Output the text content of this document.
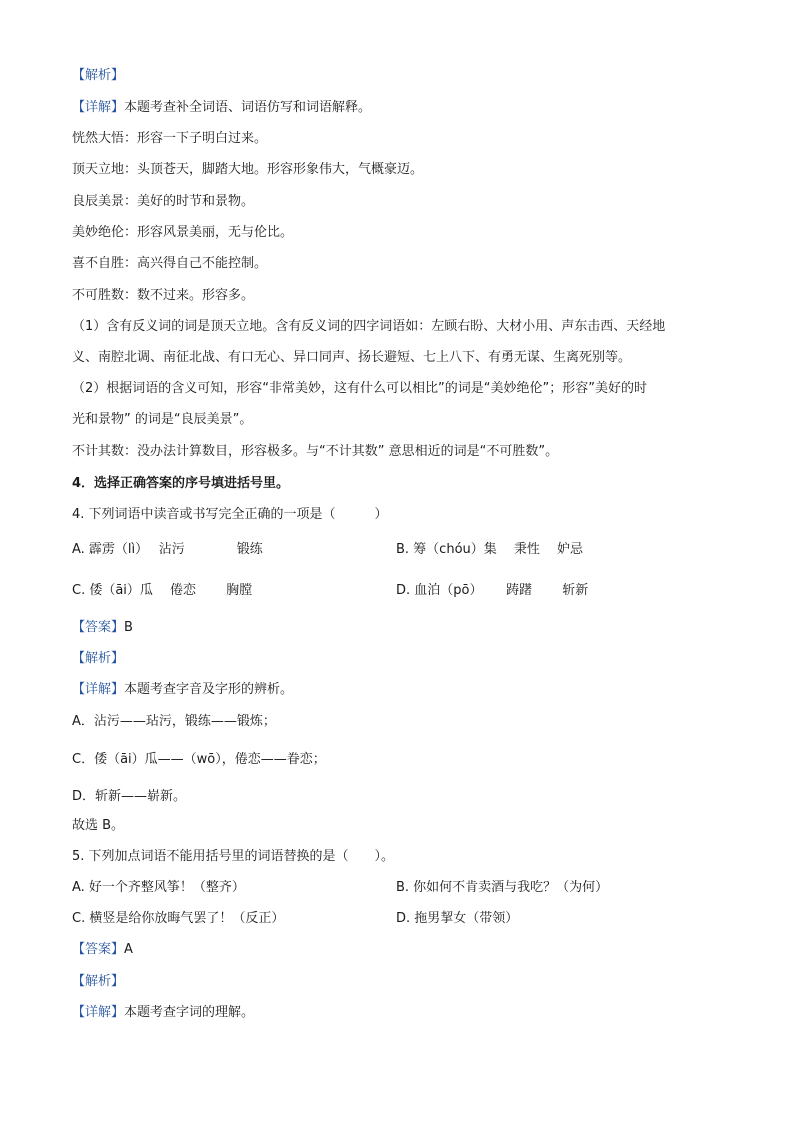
【解析】
【详解】本题考查补全词语、词语仿写和词语解释。
恍然大悟：形容一下子明白过来。
顶天立地：头顶苍天，脚踏大地。形容形象伟大，气概豪迈。
良辰美景：美好的时节和景物。
美妙绝伦：形容风景美丽，无与伦比。
喜不自胜：高兴得自己不能控制。
不可胜数：数不过来。形容多。
（1）含有反义词的词是顶天立地。含有反义词的四字词语如：左顾右盼、大材小用、声东击西、天经地
义、南腔北调、南征北战、有口无心、异口同声、扬长避短、七上八下、有勇无谋、生离死别等。
（2）根据词语的含义可知，形容“非常美妙，这有什么可以相比”的词是“美妙绝伦”；形容”美好的时
光和景物” 的词是“良辰美景”。
不计其数：没办法计算数目，形容极多。与“不计其数” 意思相近的词是“不可胜数”。
4．选择正确答案的序号填进括号里。
4. 下列词语中读音或书写完全正确的一项是（　　　）
A. 霹雳（lì）　 沾污　　　　锻练	B. 筹（chóu）集　 秉性　 妒忌
C. 倭（āi）瓜　 倦恋　　 胸膛	D. 血泊（pō）　　 踌躇　　 斩新
【答案】B
【解析】
【详解】本题考查字音及字形的辨析。
A．沾污——玷污，锻练——锻炼；
C．倭（āi）瓜——（wō），倦恋——眷恋；
D．斩新——崭新。
故选 B。
5. 下列加点词语不能用括号里的词语替换的是（　　）。
A. 好一个齐整风筝！（整齐）	B. 你如何不肯卖酒与我吃？（为何）
C. 横竖是给你放晦气罢了！（反正）	D. 拖男挈女（带领）
【答案】A
【解析】
【详解】本题考查字词的理解。
